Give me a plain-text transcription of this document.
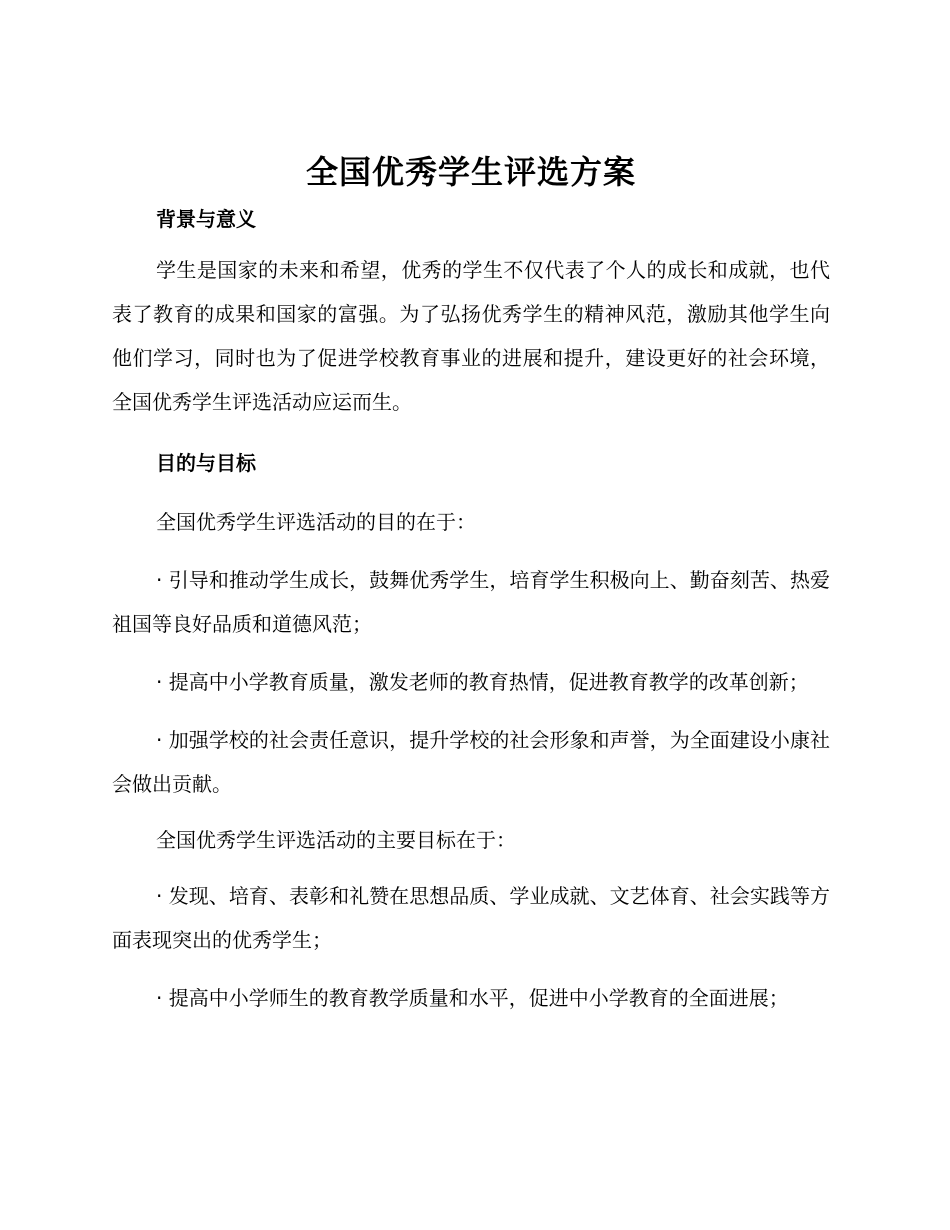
全国优秀学生评选方案
背景与意义

学生是国家的未来和希望，优秀的学生不仅代表了个人的成长和成就，也代表了教育的成果和国家的富强。为了弘扬优秀学生的精神风范，激励其他学生向他们学习，同时也为了促进学校教育事业的进展和提升，建设更好的社会环境，全国优秀学生评选活动应运而生。

目的与目标

全国优秀学生评选活动的目的在于：

· 引导和推动学生成长，鼓舞优秀学生，培育学生积极向上、勤奋刻苦、热爱祖国等良好品质和道德风范；

· 提高中小学教育质量，激发老师的教育热情，促进教育教学的改革创新；

· 加强学校的社会责任意识，提升学校的社会形象和声誉，为全面建设小康社会做出贡献。

全国优秀学生评选活动的主要目标在于：

· 发现、培育、表彰和礼赞在思想品质、学业成就、文艺体育、社会实践等方面表现突出的优秀学生；

· 提高中小学师生的教育教学质量和水平，促进中小学教育的全面进展；
